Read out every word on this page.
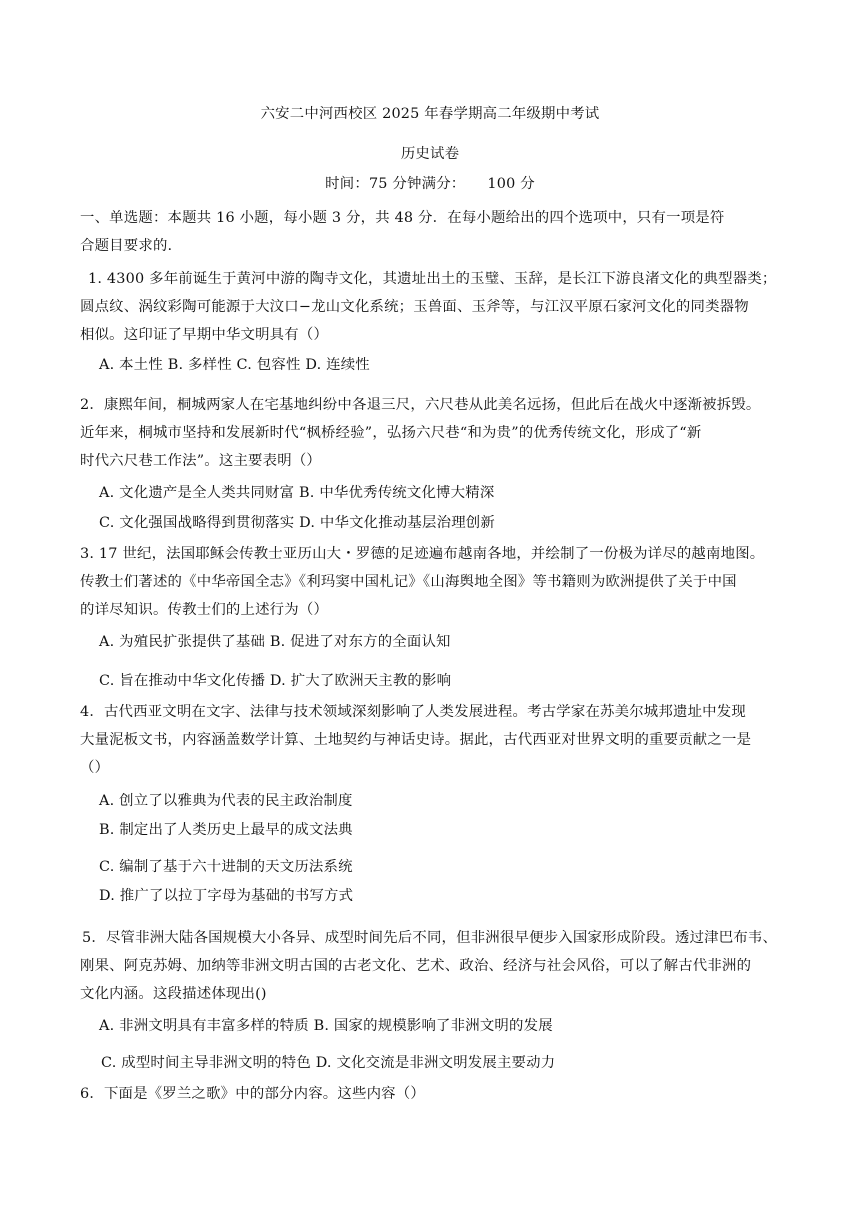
六安二中河西校区 2025 年春学期高二年级期中考试
历史试卷
时间：75 分钟满分：　　100 分
一、单选题：本题共 16 小题，每小题 3 分，共 48 分．在每小题给出的四个选项中，只有一项是符
合题目要求的.
1. 4300 多年前诞生于黄河中游的陶寺文化，其遗址出土的玉璧、玉辞，是长江下游良渚文化的典型器类；
圆点纹、涡纹彩陶可能源于大汶口−龙山文化系统；玉兽面、玉斧等，与江汉平原石家河文化的同类器物
相似。这印证了早期中华文明具有（）
A. 本土性 B. 多样性 C. 包容性 D. 连续性
2．康熙年间，桐城两家人在宅基地纠纷中各退三尺，六尺巷从此美名远扬，但此后在战火中逐渐被拆毁。
近年来，桐城市坚持和发展新时代“枫桥经验”，弘扬六尺巷“和为贵”的优秀传统文化，形成了“新
时代六尺巷工作法”。这主要表明（）
A. 文化遗产是全人类共同财富 B. 中华优秀传统文化博大精深
C. 文化强国战略得到贯彻落实 D. 中华文化推动基层治理创新
3. 17 世纪，法国耶稣会传教士亚历山大・罗德的足迹遍布越南各地，并绘制了一份极为详尽的越南地图。
传教士们著述的《中华帝国全志》《利玛窦中国札记》《山海舆地全图》等书籍则为欧洲提供了关于中国
的详尽知识。传教士们的上述行为（）
A. 为殖民扩张提供了基础 B. 促进了对东方的全面认知
C. 旨在推动中华文化传播 D. 扩大了欧洲天主教的影响
4．古代西亚文明在文字、法律与技术领域深刻影响了人类发展进程。考古学家在苏美尔城邦遗址中发现
大量泥板文书，内容涵盖数学计算、土地契约与神话史诗。据此，古代西亚对世界文明的重要贡献之一是
（）
A. 创立了以雅典为代表的民主政治制度
B. 制定出了人类历史上最早的成文法典
C. 编制了基于六十进制的天文历法系统
D. 推广了以拉丁字母为基础的书写方式
5．尽管非洲大陆各国规模大小各异、成型时间先后不同，但非洲很早便步入国家形成阶段。透过津巴布韦、
刚果、阿克苏姆、加纳等非洲文明古国的古老文化、艺术、政治、经济与社会风俗，可以了解古代非洲的
文化内涵。这段描述体现出()
A. 非洲文明具有丰富多样的特质 B. 国家的规模影响了非洲文明的发展
C. 成型时间主导非洲文明的特色 D. 文化交流是非洲文明发展主要动力
6．下面是《罗兰之歌》中的部分内容。这些内容（）
